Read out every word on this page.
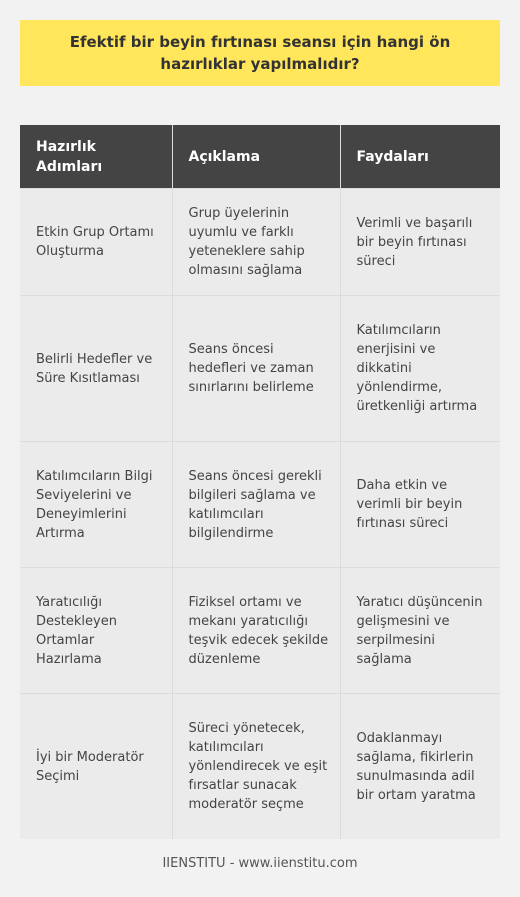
Efektif bir beyin fırtınası seansı için hangi ön hazırlıklar yapılmalıdır?
Hazırlık Adımları	Açıklama	Faydaları
Etkin Grup Ortamı Oluşturma	Grup üyelerinin uyumlu ve farklı yeteneklere sahip olmasını sağlama	Verimli ve başarılı bir beyin fırtınası süreci
Belirli Hedefler ve Süre Kısıtlaması	Seans öncesi hedefleri ve zaman sınırlarını belirleme	Katılımcıların enerjisini ve dikkatini yönlendirme, üretkenliği artırma
Katılımcıların Bilgi Seviyelerini ve Deneyimlerini Artırma	Seans öncesi gerekli bilgileri sağlama ve katılımcıları bilgilendirme	Daha etkin ve verimli bir beyin fırtınası süreci
Yaratıcılığı Destekleyen Ortamlar Hazırlama	Fiziksel ortamı ve mekanı yaratıcılığı teşvik edecek şekilde düzenleme	Yaratıcı düşüncenin gelişmesini ve serpilmesini sağlama
İyi bir Moderatör Seçimi	Süreci yönetecek, katılımcıları yönlendirecek ve eşit fırsatlar sunacak moderatör seçme	Odaklanmayı sağlama, fikirlerin sunulmasında adil bir ortam yaratma
IIENSTITU - www.iienstitu.com
